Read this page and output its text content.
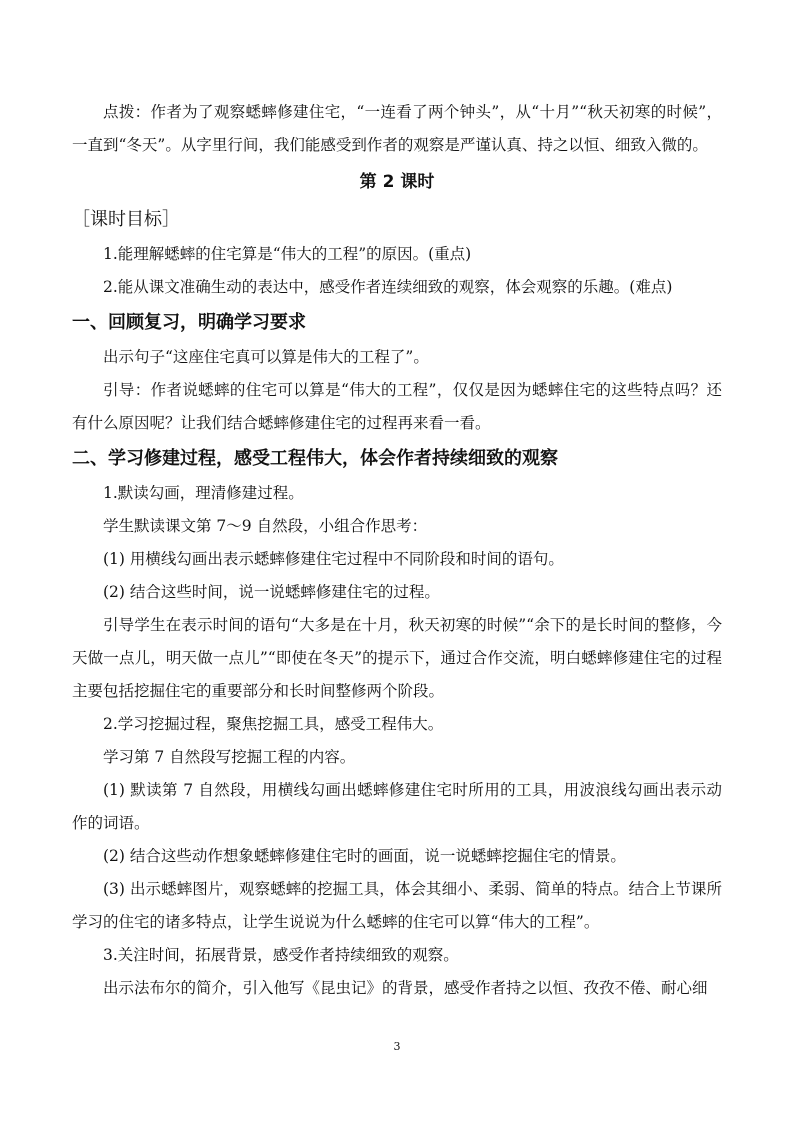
点拨：作者为了观察蟋蟀修建住宅，“一连看了两个钟头”，从“十月”“秋天初寒的时候”，一直到“冬天”。从字里行间，我们能感受到作者的观察是严谨认真、持之以恒、细致入微的。

第 2 课时
［课时目标］

1.能理解蟋蟀的住宅算是“伟大的工程”的原因。(重点)

2.能从课文准确生动的表达中，感受作者连续细致的观察，体会观察的乐趣。(难点)

一、回顾复习，明确学习要求

出示句子“这座住宅真可以算是伟大的工程了”。

引导：作者说蟋蟀的住宅可以算是“伟大的工程”，仅仅是因为蟋蟀住宅的这些特点吗？还有什么原因呢？让我们结合蟋蟀修建住宅的过程再来看一看。

二、学习修建过程，感受工程伟大，体会作者持续细致的观察

1.默读勾画，理清修建过程。

学生默读课文第 7～9 自然段，小组合作思考：

(1) 用横线勾画出表示蟋蟀修建住宅过程中不同阶段和时间的语句。

(2) 结合这些时间，说一说蟋蟀修建住宅的过程。

引导学生在表示时间的语句“大多是在十月，秋天初寒的时候”“余下的是长时间的整修，今天做一点儿，明天做一点儿”“即使在冬天”的提示下，通过合作交流，明白蟋蟀修建住宅的过程主要包括挖掘住宅的重要部分和长时间整修两个阶段。

2.学习挖掘过程，聚焦挖掘工具，感受工程伟大。

学习第 7 自然段写挖掘工程的内容。

(1) 默读第 7 自然段，用横线勾画出蟋蟀修建住宅时所用的工具，用波浪线勾画出表示动作的词语。

(2) 结合这些动作想象蟋蟀修建住宅时的画面，说一说蟋蟀挖掘住宅的情景。

(3) 出示蟋蟀图片，观察蟋蟀的挖掘工具，体会其细小、柔弱、简单的特点。结合上节课所学习的住宅的诸多特点，让学生说说为什么蟋蟀的住宅可以算“伟大的工程”。

3.关注时间，拓展背景，感受作者持续细致的观察。

出示法布尔的简介，引入他写《昆虫记》的背景，感受作者持之以恒、孜孜不倦、耐心细

3
